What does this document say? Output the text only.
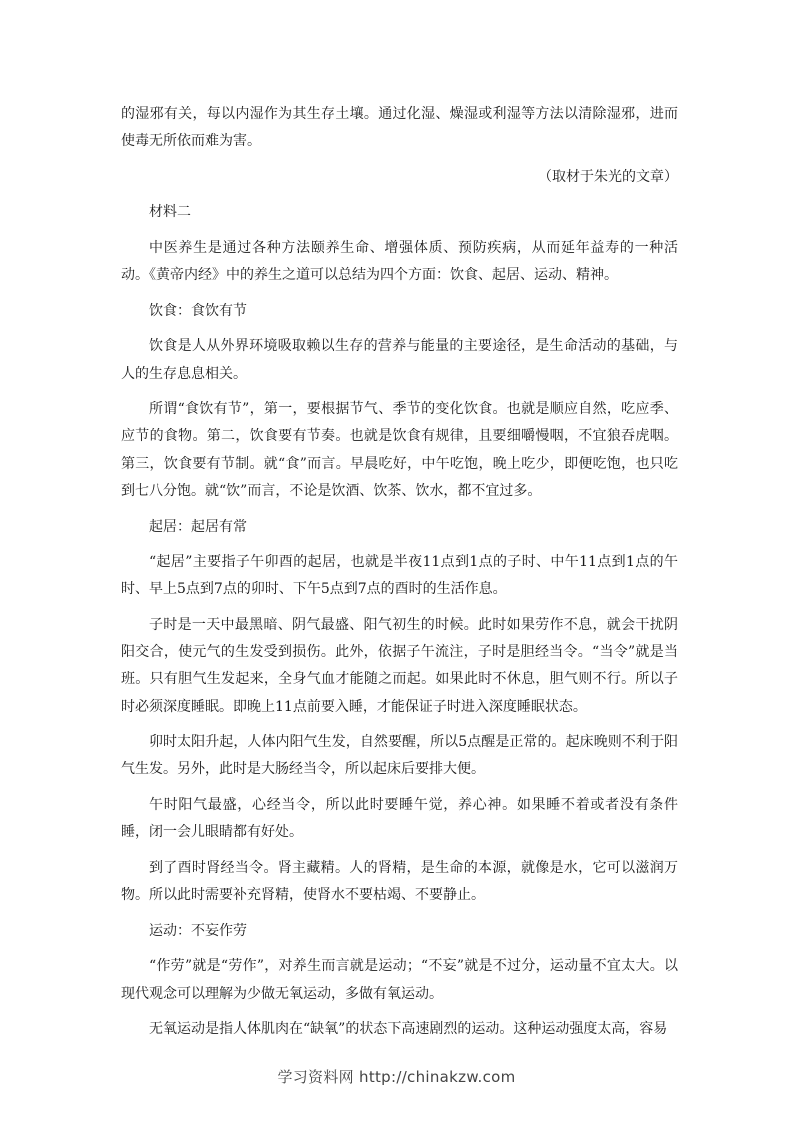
的湿邪有关，每以内湿作为其生存土壤。通过化湿、燥湿或利湿等方法以清除湿邪，进而使毒无所依而难为害。

（取材于朱光的文章）

材料二

中医养生是通过各种方法颐养生命、增强体质、预防疾病，从而延年益寿的一种活动。《黄帝内经》中的养生之道可以总结为四个方面：饮食、起居、运动、精神。

饮食：食饮有节

饮食是人从外界环境吸取赖以生存的营养与能量的主要途径，是生命活动的基础，与人的生存息息相关。

所谓“食饮有节”，第一，要根据节气、季节的变化饮食。也就是顺应自然，吃应季、应节的食物。第二，饮食要有节奏。也就是饮食有规律，且要细嚼慢咽，不宜狼吞虎咽。第三，饮食要有节制。就“食”而言。早晨吃好，中午吃饱，晚上吃少，即便吃饱，也只吃到七八分饱。就“饮”而言，不论是饮酒、饮茶、饮水，都不宜过多。

起居：起居有常

“起居”主要指子午卯酉的起居，也就是半夜11点到1点的子时、中午11点到1点的午时、早上5点到7点的卯时、下午5点到7点的酉时的生活作息。

子时是一天中最黑暗、阴气最盛、阳气初生的时候。此时如果劳作不息，就会干扰阴阳交合，使元气的生发受到损伤。此外，依据子午流注，子时是胆经当令。“当令”就是当班。只有胆气生发起来，全身气血才能随之而起。如果此时不休息，胆气则不行。所以子时必须深度睡眠。即晚上11点前要入睡，才能保证子时进入深度睡眠状态。

卯时太阳升起，人体内阳气生发，自然要醒，所以5点醒是正常的。起床晚则不利于阳气生发。另外，此时是大肠经当令，所以起床后要排大便。

午时阳气最盛，心经当令，所以此时要睡午觉，养心神。如果睡不着或者没有条件睡，闭一会儿眼睛都有好处。

到了酉时肾经当令。肾主藏精。人的肾精，是生命的本源，就像是水，它可以滋润万物。所以此时需要补充肾精，使肾水不要枯竭、不要静止。

运动：不妄作劳

“作劳”就是“劳作”，对养生而言就是运动；“不妄”就是不过分，运动量不宜太大。以现代观念可以理解为少做无氧运动，多做有氧运动。

无氧运动是指人体肌肉在“缺氧”的状态下高速剧烈的运动。这种运动强度太高，容易

学习资料网 http://chinakzw.com
